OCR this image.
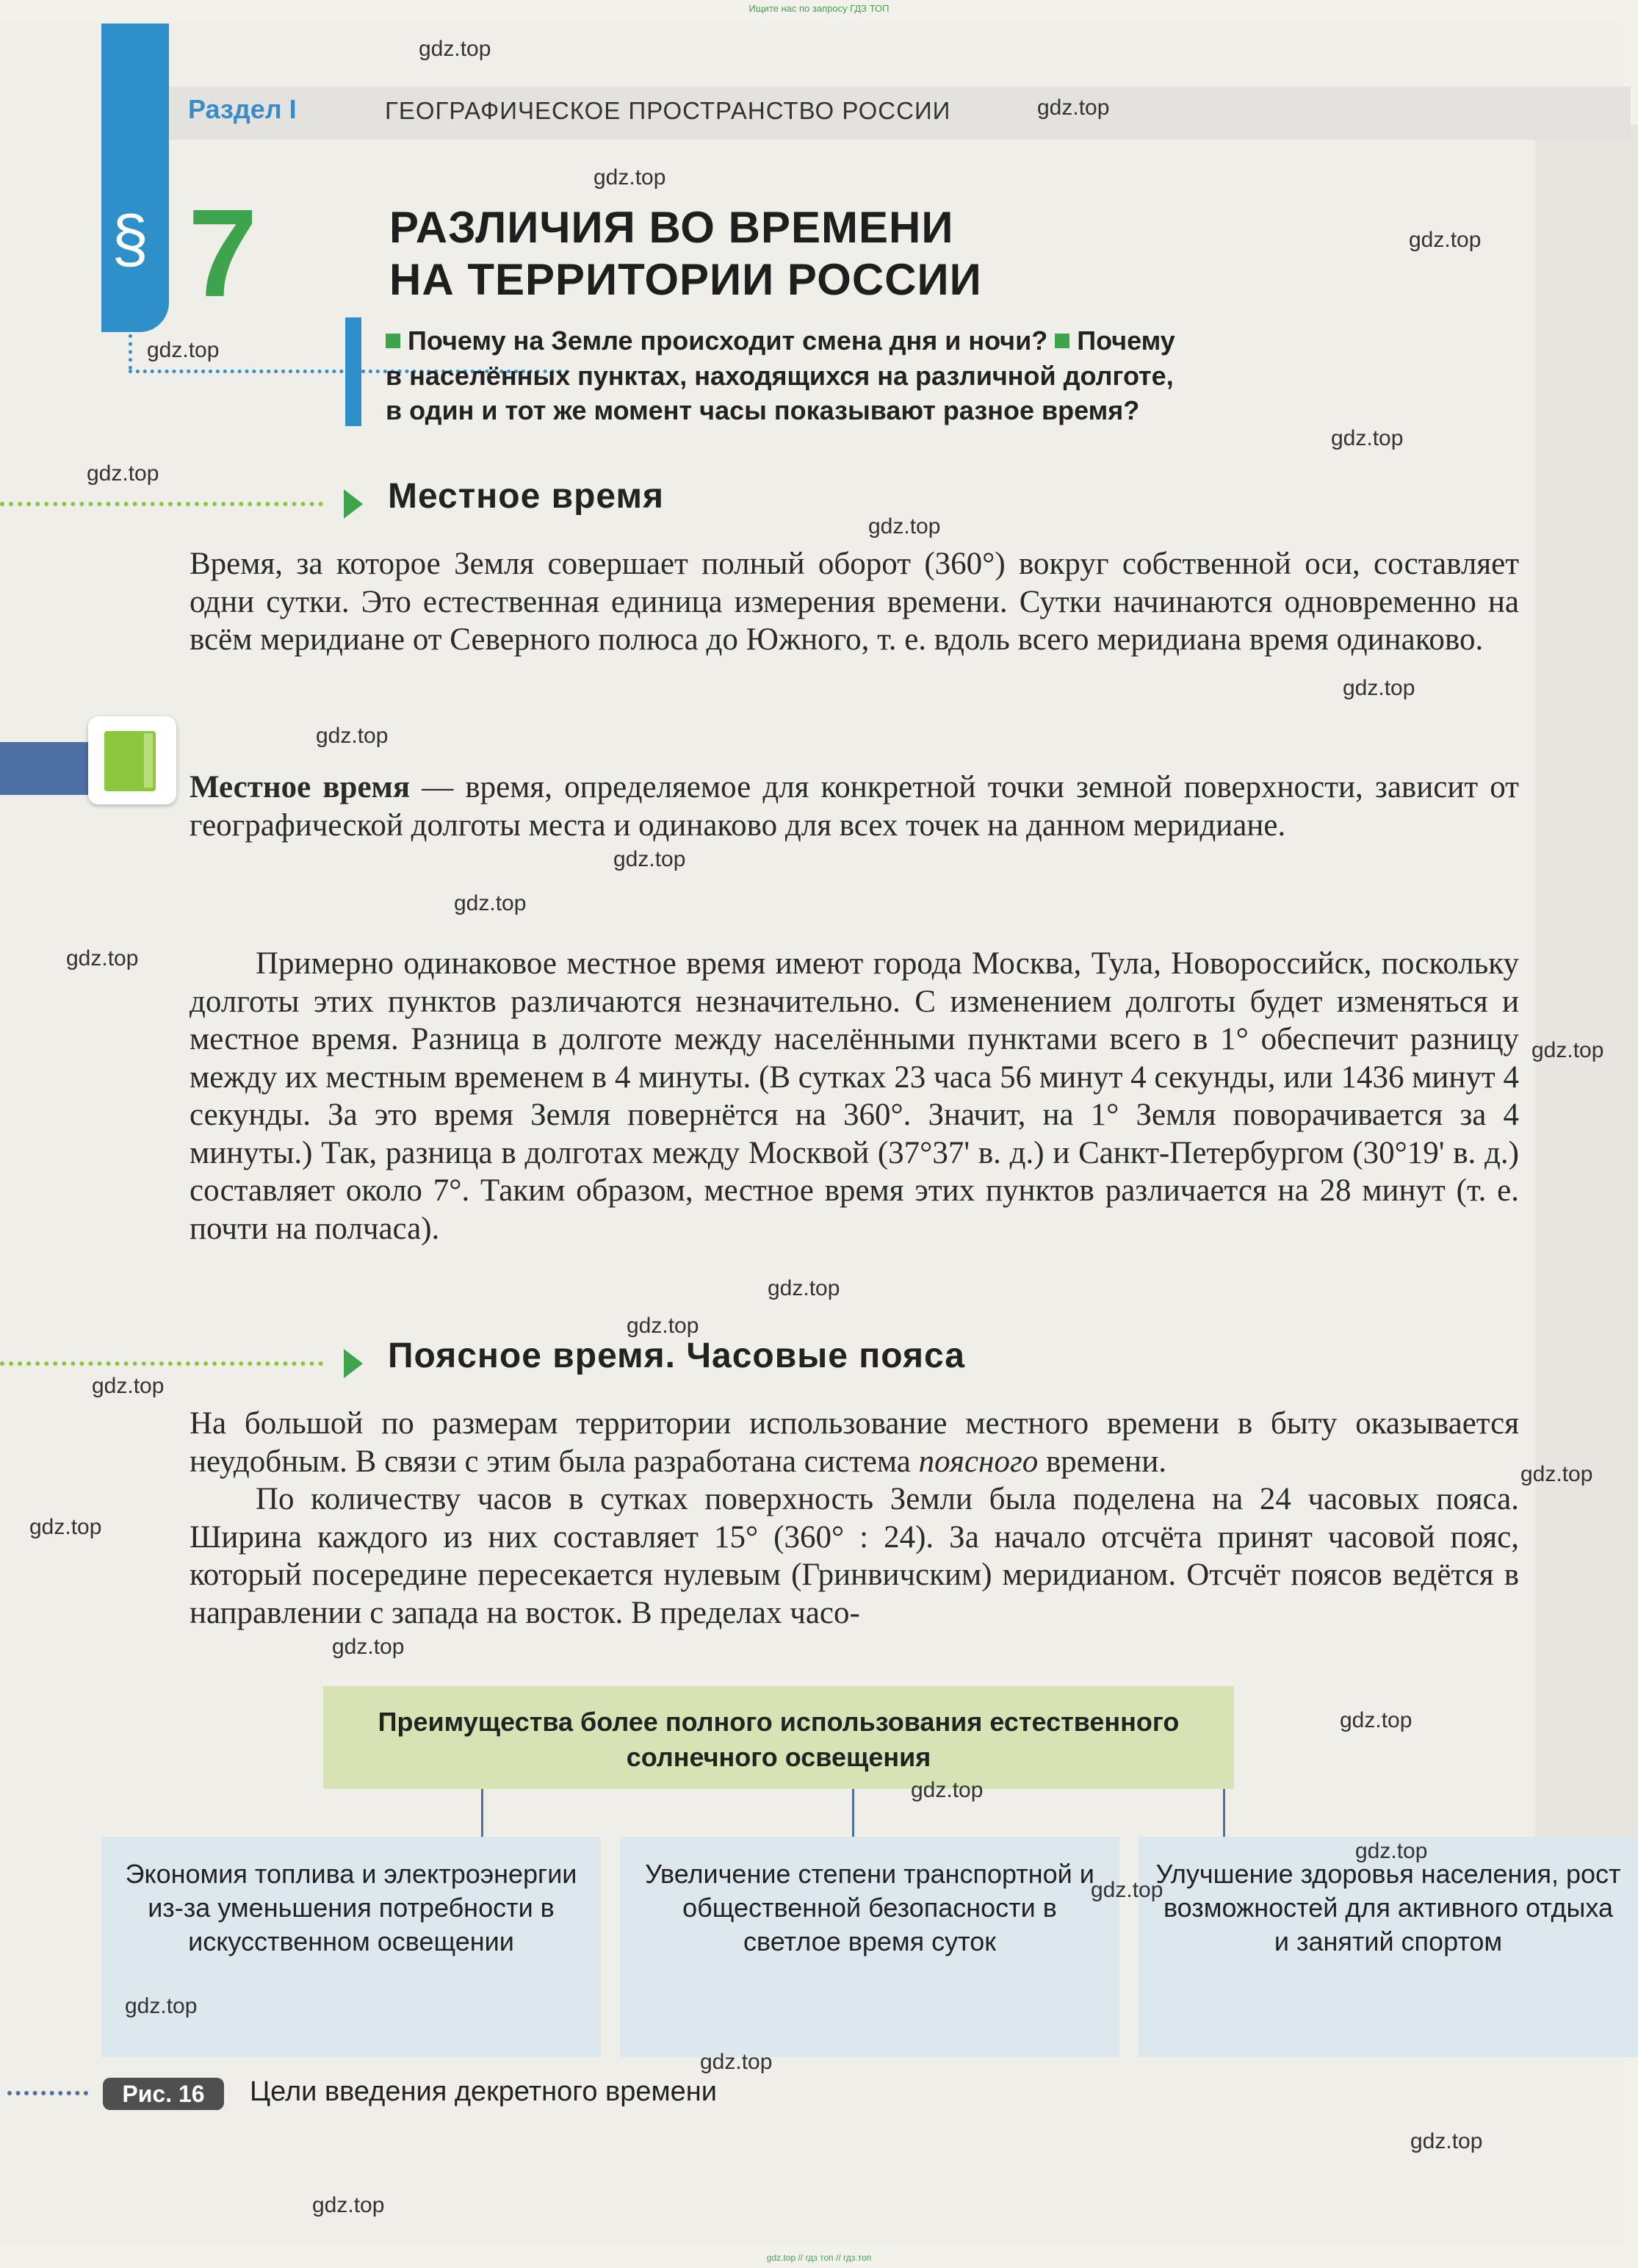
Ищите нас по запросу ГДЗ ТОП
Раздел I	ГЕОГРАФИЧЕСКОЕ ПРОСТРАНСТВО РОССИИ
§ 7	РАЗЛИЧИЯ ВО ВРЕМЕНИ
НА ТЕРРИТОРИИ РОССИИ
Почему на Земле происходит смена дня и ночи? Почему
в населённых пунктах, находящихся на различной долготе,
в один и тот же момент часы показывают разное время?
Местное время
Время, за которое Земля совершает полный оборот (360°) вокруг собственной оси, составляет одни сутки. Это естественная единица измерения времени. Сутки начинаются одновременно на всём меридиане от Северного полюса до Южного, т. е. вдоль всего меридиана время одинаково.
Местное время — время, определяемое для конкретной точки земной поверхности, зависит от географической долготы места и одинаково для всех точек на данном меридиане.
Примерно одинаковое местное время имеют города Москва, Тула, Новороссийск, поскольку долготы этих пунктов различаются незначительно. С изменением долготы будет изменяться и местное время. Разница в долготе между населёнными пунктами всего в 1° обеспечит разницу между их местным временем в 4 минуты. (В сутках 23 часа 56 минут 4 секунды, или 1436 минут 4 секунды. За это время Земля повернётся на 360°. Значит, на 1° Земля поворачивается за 4 минуты.) Так, разница в долготах между Москвой (37°37' в. д.) и Санкт-Петербургом (30°19' в. д.) составляет около 7°. Таким образом, местное время этих пунктов различается на 28 минут (т. е. почти на полчаса).
Поясное время. Часовые пояса
На большой по размерам территории использование местного времени в быту оказывается неудобным. В связи с этим была разработана система поясного времени.
По количеству часов в сутках поверхность Земли была поделена на 24 часовых пояса. Ширина каждого из них составляет 15° (360° : 24). За начало отсчёта принят часовой пояс, который посередине пересекается нулевым (Гринвичским) меридианом. Отсчёт поясов ведётся в направлении с запада на восток. В пределах часо-
Преимущества более полного использования естественного солнечного освещения
Экономия топлива и электроэнергии из-за уменьшения потребности в искусственном освещении
Увеличение степени транспортной и общественной безопасности в светлое время суток
Улучшение здоровья населения, рост возможностей для активного отдыха и занятий спортом
Рис. 16	Цели введения декретного времени
gdz.top
gdz.top
gdz.top
gdz.top
gdz.top
gdz.top
gdz.top
gdz.top
gdz.top
gdz.top
gdz.top
gdz.top
gdz.top
gdz.top
gdz.top
gdz.top
gdz.top
gdz.top
gdz.top
gdz.top
gdz.top
gdz.top
gdz.top
gdz.top
gdz.top
gdz.top
gdz.top
gdz.top
gdz.top // гдз топ // гдз.топ
